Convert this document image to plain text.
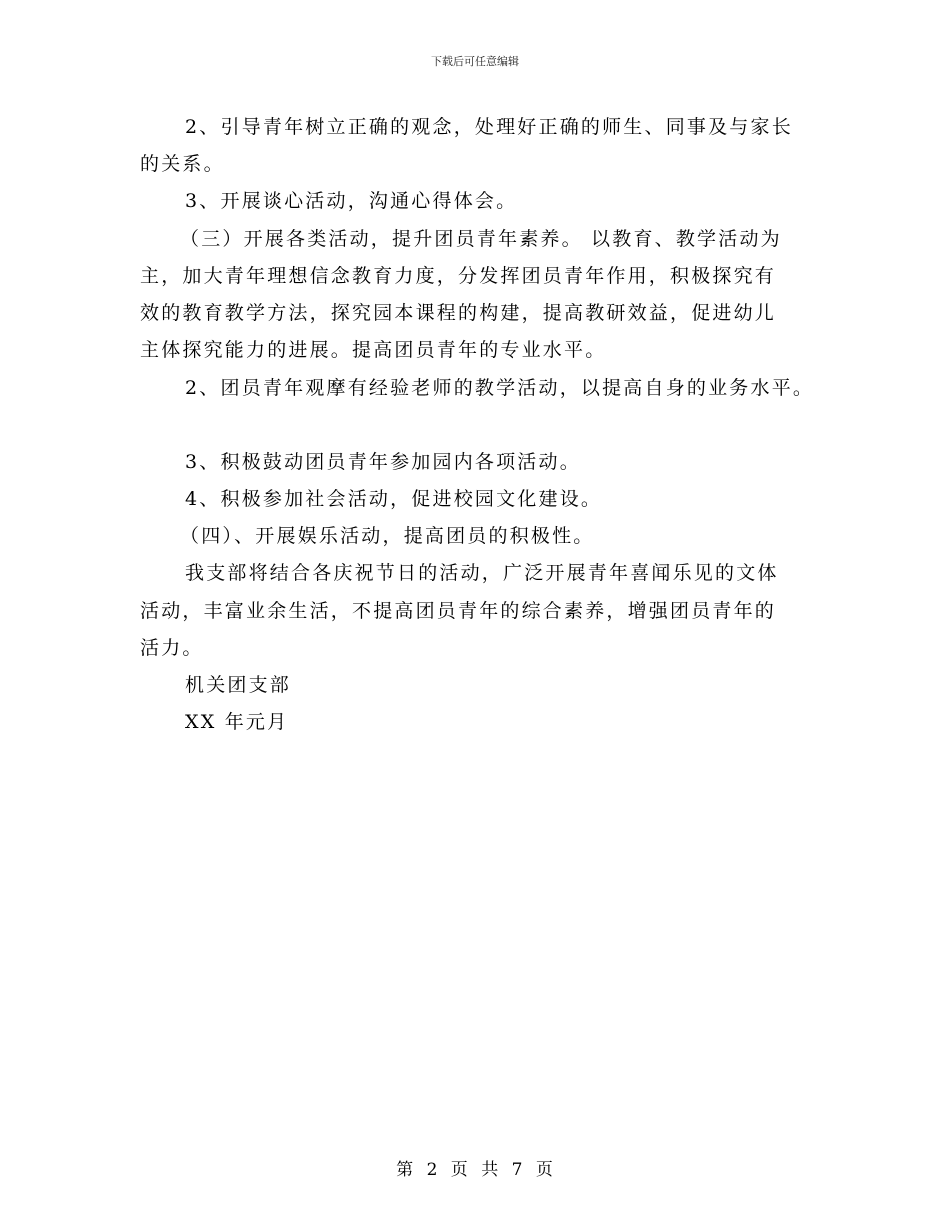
下载后可任意编辑
2、引导青年树立正确的观念，处理好正确的师生、同事及与家长
的关系。
3、开展谈心活动，沟通心得体会。
（三）开展各类活动，提升团员青年素养。 以教育、教学活动为
主，加大青年理想信念教育力度，分发挥团员青年作用，积极探究有
效的教育教学方法，探究园本课程的构建，提高教研效益，促进幼儿
主体探究能力的进展。提高团员青年的专业水平。
2、团员青年观摩有经验老师的教学活动，以提高自身的业务水平。
3、积极鼓动团员青年参加园内各项活动。
4、积极参加社会活动，促进校园文化建设。
（四）、开展娱乐活动，提高团员的积极性。
我支部将结合各庆祝节日的活动，广泛开展青年喜闻乐见的文体
活动，丰富业余生活，不提高团员青年的综合素养，增强团员青年的
活力。
机关团支部
XX 年元月
第 2 页 共 7 页
